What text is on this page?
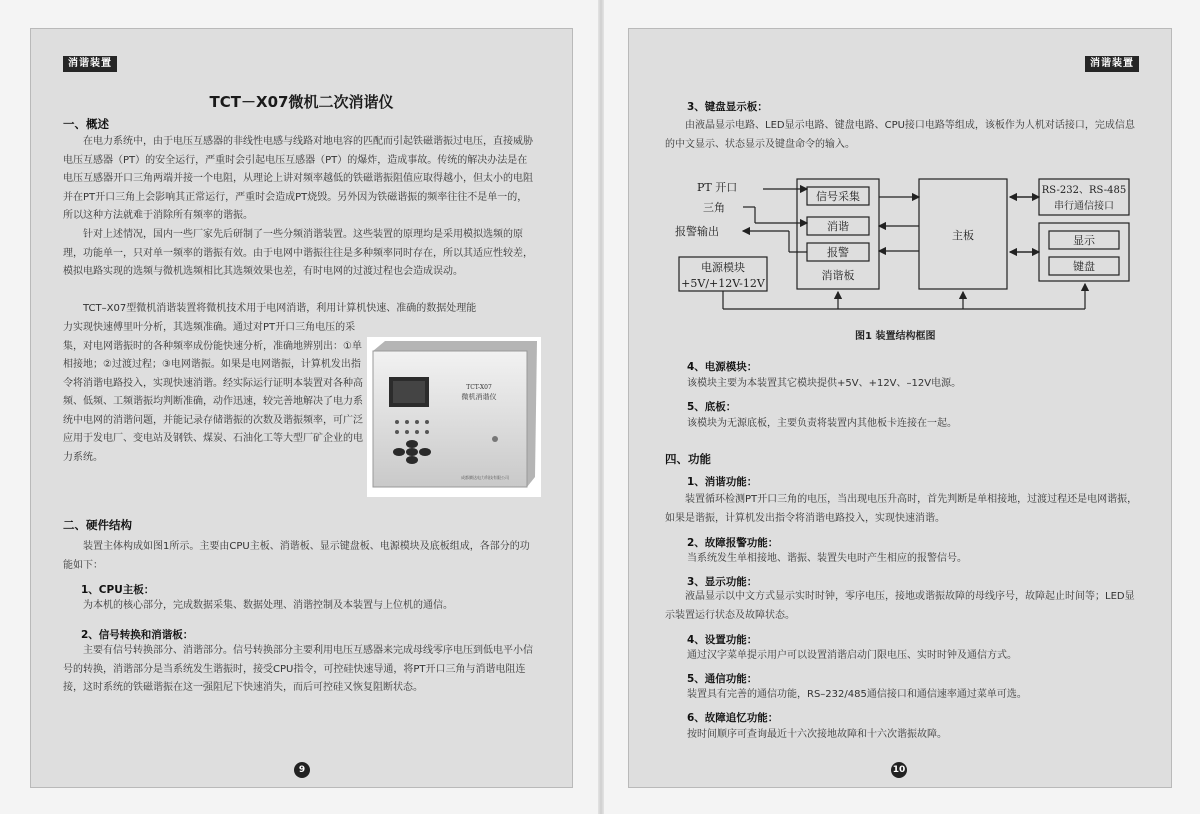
消谐装置
TCT－X07微机二次消谐仪
一、概述
在电力系统中，由于电压互感器的非线性电感与线路对地电容的匹配而引起铁磁谐振过电压，直接威胁电压互感器（PT）的安全运行，严重时会引起电压互感器（PT）的爆炸，造成事故。传统的解决办法是在电压互感器开口三角两端并接一个电阻，从理论上讲对频率越低的铁磁谐振阻值应取得越小，但太小的电阻并在PT开口三角上会影响其正常运行，严重时会造成PT烧毁。另外因为铁磁谐振的频率往往不是单一的，所以这种方法就难于消除所有频率的谐振。
针对上述情况，国内一些厂家先后研制了一些分频消谐装置。这些装置的原理均是采用模拟选频的原理，功能单一，只对单一频率的谐振有效。由于电网中谐振往往是多种频率同时存在，所以其适应性较差，模拟电路实现的选频与微机选频相比其选频效果也差，有时电网的过渡过程也会造成误动。
TCT–X07型微机消谐装置将微机技术用于电网消谐，利用计算机快速、准确的数据处理能
力实现快速傅里叶分析，其选频准确。通过对PT开口三角电压的采集，对电网谐振时的各种频率成份能快速分析，准确地辨别出：①单相接地；②过渡过程；③电网谐振。如果是电网谐振，计算机发出指令将消谐电路投入，实现快速消谐。经实际运行证明本装置对各种高频、低频、工频谐振均判断准确，动作迅速，较完善地解决了电力系统中电网的消谐问题，并能记录存储谐振的次数及谐振频率，可广泛应用于发电厂、变电站及钢铁、煤炭、石油化工等大型厂矿企业的电力系统。
TCT-X07
微机消谐仪
成都腾达电力科技有限公司
二、硬件结构
装置主体构成如图1所示。主要由CPU主板、消谐板、显示键盘板、电源模块及底板组成，各部分的功能如下：
1、CPU主板：
为本机的核心部分，完成数据采集、数据处理、消谐控制及本装置与上位机的通信。
2、信号转换和消谐板：
主要有信号转换部分、消谐部分。信号转换部分主要利用电压互感器来完成母线零序电压到低电平小信号的转换，消谐部分是当系统发生谐振时，接受CPU指令，可控硅快速导通，将PT开口三角与消谐电阻连接，这时系统的铁磁谐振在这一强阻尼下快速消失，而后可控硅又恢复阻断状态。
9
消谐装置
3、键盘显示板：
由液晶显示电路、LED显示电路、键盘电路、CPU接口电路等组成，该板作为人机对话接口，完成信息的中文显示、状态显示及键盘命令的输入。
PT 开口
三角
报警输出
电源模块
+5V/+12V-12V
信号采集
消谐
报警
消谐板
主板
RS-232、RS-485
串行通信接口
显示
键盘
图1 装置结构框图
4、电源模块：
该模块主要为本装置其它模块提供+5V、+12V、–12V电源。
5、底板：
该模块为无源底板，主要负责将装置内其他板卡连接在一起。
四、功能
1、消谐功能：
装置循环检测PT开口三角的电压，当出现电压升高时，首先判断是单相接地，过渡过程还是电网谐振，如果是谐振，计算机发出指令将消谐电路投入，实现快速消谐。
2、故障报警功能：
当系统发生单相接地、谐振、装置失电时产生相应的报警信号。
3、显示功能：
液晶显示以中文方式显示实时时钟，零序电压，接地或谐振故障的母线序号，故障起止时间等；LED显示装置运行状态及故障状态。
4、设置功能：
通过汉字菜单提示用户可以设置消谐启动门限电压、实时时钟及通信方式。
5、通信功能：
装置具有完善的通信功能，RS–232/485通信接口和通信速率通过菜单可选。
6、故障追忆功能：
按时间顺序可查询最近十六次接地故障和十六次谐振故障。
10
